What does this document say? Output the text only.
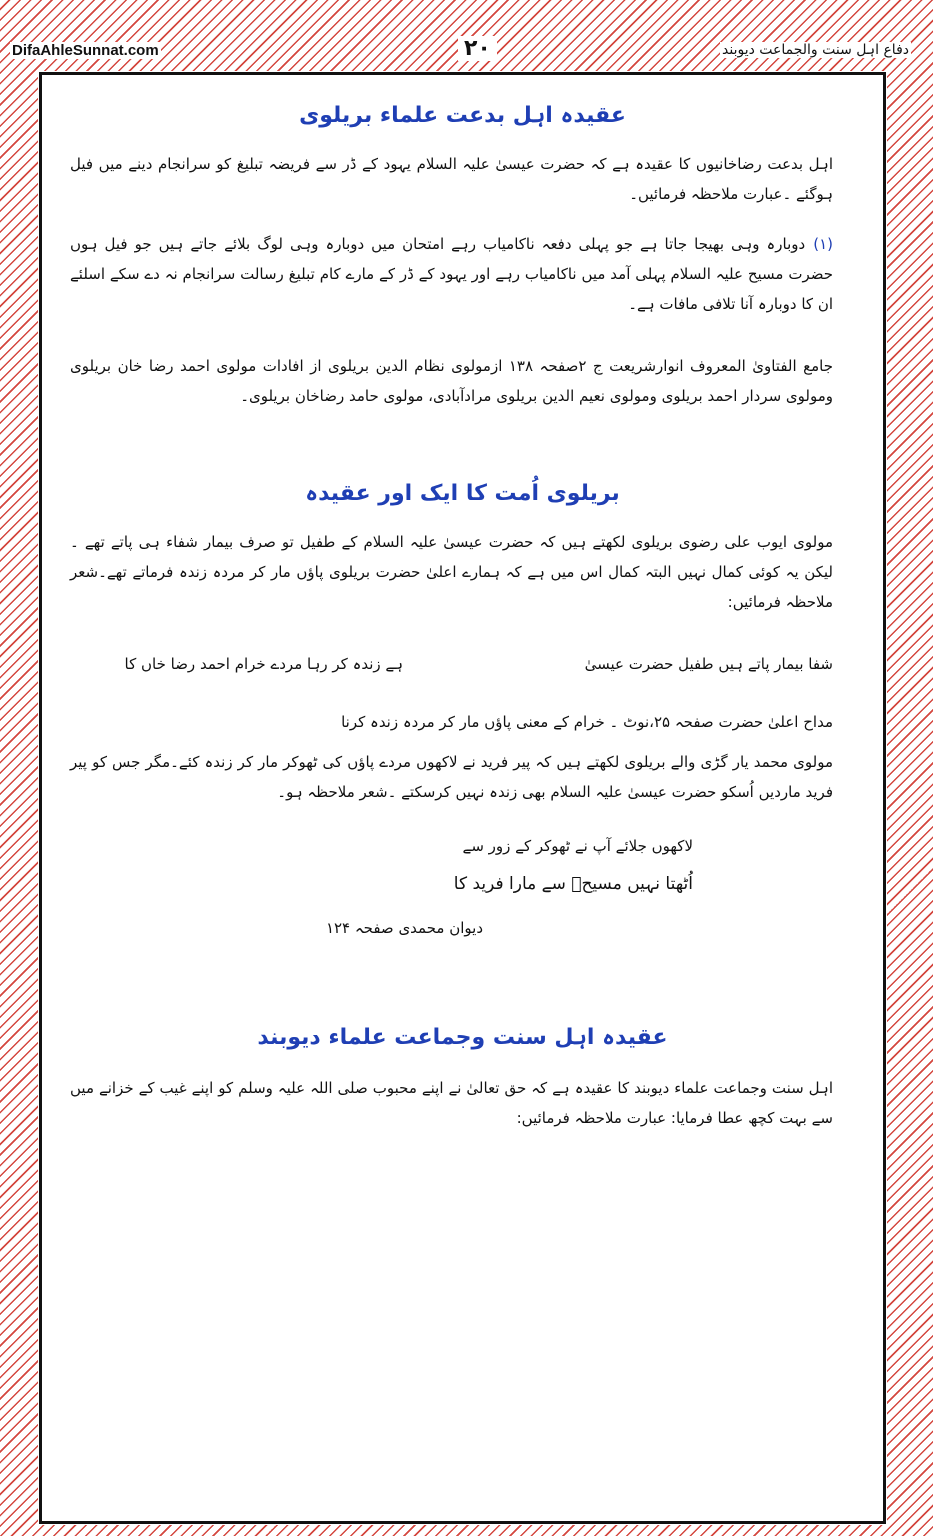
DifaAhleSunnat.com	۲۰	دفاع اہل سنت والجماعت دیوبند
عقیدہ اہل بدعت علماء بریلوی
اہل بدعت رضاخانیوں کا عقیدہ ہے کہ حضرت عیسیٰ علیہ السلام یہود کے ڈر سے فریضہ تبلیغ کو سرانجام دینے میں فیل ہوگئے ۔عبارت ملاحظہ فرمائیں۔
(۱)دوبارہ وہی بھیجا جاتا ہے جو پہلی دفعہ ناکامیاب رہے امتحان میں دوبارہ وہی لوگ بلائے جاتے ہیں جو فیل ہوں حضرت مسیح علیہ السلام پہلی آمد میں ناکامیاب رہے اور یہود کے ڈر کے مارے کام تبلیغ رسالت سرانجام نہ دے سکے اسلئے ان کا دوبارہ آنا تلافی مافات ہے۔
جامع الفتاویٰ المعروف انوارشریعت ج ۲صفحہ ۱۳۸ ازمولوی نظام الدین بریلوی از افادات مولوی احمد رضا خان بریلوی ومولوی سردار احمد بریلوی ومولوی نعیم الدین بریلوی مرادآبادی، مولوی حامد رضاخان بریلوی۔
بریلوی اُمت کا ایک اور عقیدہ
مولوی ایوب علی رضوی بریلوی لکھتے ہیں کہ حضرت عیسیٰ علیہ السلام کے طفیل تو صرف بیمار شفاء ہی پاتے تھے ۔لیکن یہ کوئی کمال نہیں البتہ کمال اس میں ہے کہ ہمارے اعلیٰ حضرت بریلوی پاؤں مار کر مردہ زندہ فرماتے تھے۔شعر ملاحظہ فرمائیں:
شفا بیمار پاتے ہیں طفیل حضرت عیسیٰ
ہے زندہ کر رہا مردے خرام احمد رضا خاں کا
مداح اعلیٰ حضرت صفحہ ۲۵،نوٹ ۔ خرام کے معنی پاؤں مار کر مردہ زندہ کرنا
مولوی محمد یار گڑی والے بریلوی لکھتے ہیں کہ پیر فرید نے لاکھوں مردے پاؤں کی ٹھوکر مار کر زندہ کئے۔مگر جس کو پیر فرید ماردیں اُسکو حضرت عیسیٰ علیہ السلام بھی زندہ نہیں کرسکتے ۔شعر ملاحظہ ہو۔
لاکھوں جلائے آپ نے ٹھوکر کے زور سے
اُٹھتا نہیں مسیحؑ سے مارا فرید کا
دیوان محمدی صفحہ ۱۲۴
عقیدہ اہل سنت وجماعت علماء دیوبند
اہل سنت وجماعت علماء دیوبند کا عقیدہ ہے کہ حق تعالیٰ نے اپنے محبوب صلی اللہ علیہ وسلم کو اپنے غیب کے خزانے میں سے بہت کچھ عطا فرمایا: عبارت ملاحظہ فرمائیں:
